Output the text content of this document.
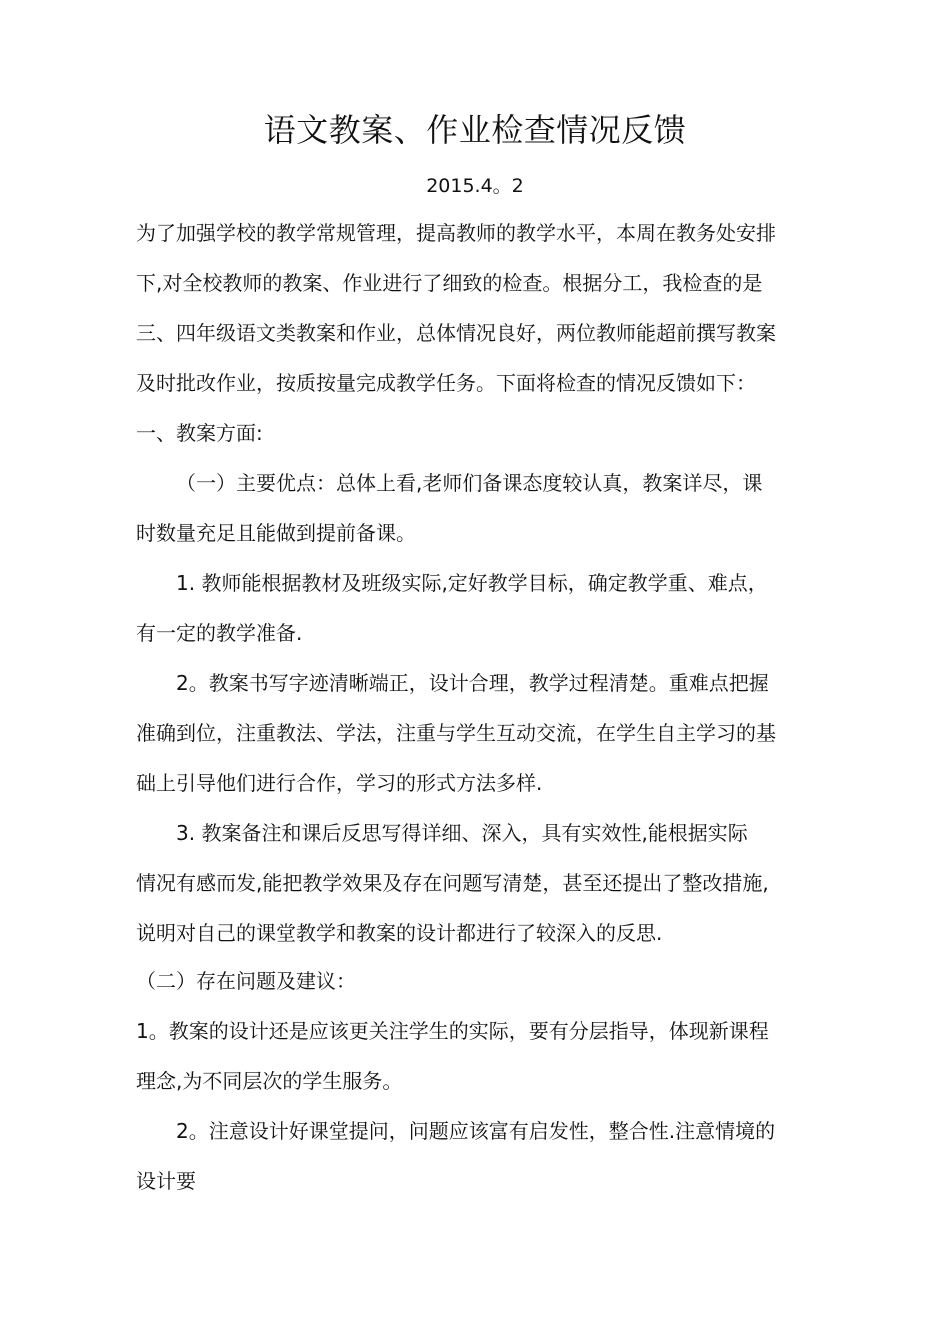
语文教案、作业检查情况反馈
2015.4。2
为了加强学校的教学常规管理，提高教师的教学水平，本周在教务处安排
下,对全校教师的教案、作业进行了细致的检查。根据分工，我检查的是
三、四年级语文类教案和作业，总体情况良好，两位教师能超前撰写教案
及时批改作业，按质按量完成教学任务。下面将检查的情况反馈如下：
一、教案方面:
（一）主要优点：总体上看,老师们备课态度较认真，教案详尽，课
时数量充足且能做到提前备课。
1. 教师能根据教材及班级实际,定好教学目标，确定教学重、难点，
有一定的教学准备.
2。教案书写字迹清晰端正，设计合理，教学过程清楚。重难点把握
准确到位，注重教法、学法，注重与学生互动交流，在学生自主学习的基
础上引导他们进行合作，学习的形式方法多样.
3. 教案备注和课后反思写得详细、深入，具有实效性,能根据实际
情况有感而发,能把教学效果及存在问题写清楚，甚至还提出了整改措施,
说明对自己的课堂教学和教案的设计都进行了较深入的反思.
（二）存在问题及建议：
1。教案的设计还是应该更关注学生的实际，要有分层指导，体现新课程
理念,为不同层次的学生服务。
2。注意设计好课堂提问，问题应该富有启发性，整合性.注意情境的
设计要
